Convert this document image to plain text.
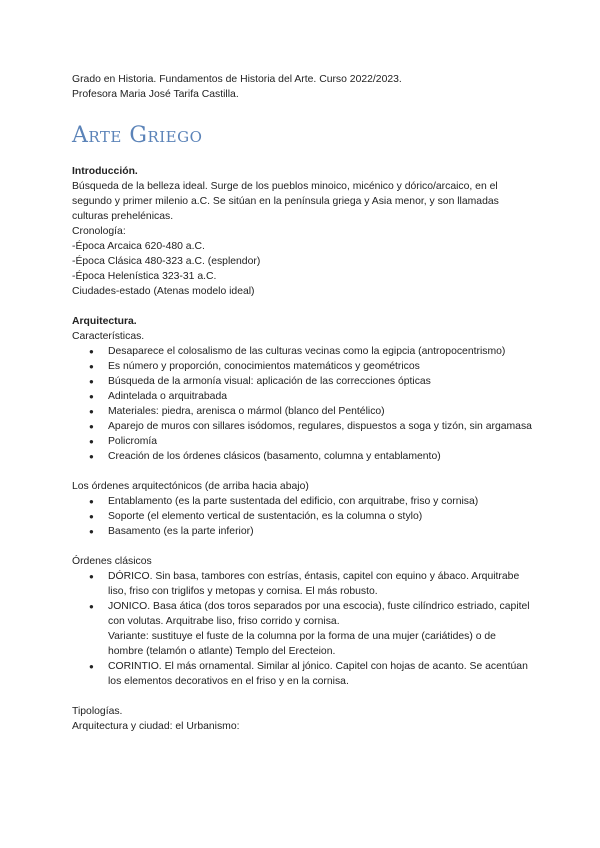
Grado en Historia. Fundamentos de Historia del Arte. Curso 2022/2023.

Profesora Maria José Tarifa Castilla.

Arte Griego

Introducción.

Búsqueda de la belleza ideal. Surge de los pueblos minoico, micénico y dórico/arcaico, en el segundo y primer milenio a.C. Se sitúan en la península griega y Asia menor, y son llamadas culturas prehelénicas.

Cronología:

-Época Arcaica 620-480 a.C.

-Época Clásica 480-323 a.C. (esplendor)

-Época Helenística 323-31 a.C.

Ciudades-estado (Atenas modelo ideal)

Arquitectura.

Características.

● Desaparece el colosalismo de las culturas vecinas como la egipcia (antropocentrismo)
● Es número y proporción, conocimientos matemáticos y geométricos
● Búsqueda de la armonía visual: aplicación de las correcciones ópticas
● Adintelada o arquitrabada
● Materiales: piedra, arenisca o mármol (blanco del Pentélico)
● Aparejo de muros con sillares isódomos, regulares, dispuestos a soga y tizón, sin argamasa
● Policromía
● Creación de los órdenes clásicos (basamento, columna y entablamento)

Los órdenes arquitectónicos (de arriba hacia abajo)

● Entablamento (es la parte sustentada del edificio, con arquitrabe, friso y cornisa)
● Soporte (el elemento vertical de sustentación, es la columna o stylo)
● Basamento (es la parte inferior)

Órdenes clásicos

● DÓRICO. Sin basa, tambores con estrías, éntasis, capitel con equino y ábaco. Arquitrabe liso, friso con triglifos y metopas y cornisa. El más robusto.
● JONICO. Basa ática (dos toros separados por una escocia), fuste cilíndrico estriado, capitel con volutas. Arquitrabe liso, friso corrido y cornisa.

Variante: sustituye el fuste de la columna por la forma de una mujer (cariátides) o de hombre (telamón o atlante) Templo del Erecteion.

● CORINTIO. El más ornamental. Similar al jónico. Capitel con hojas de acanto. Se acentúan los elementos decorativos en el friso y en la cornisa.

Tipologías.

Arquitectura y ciudad: el Urbanismo:
